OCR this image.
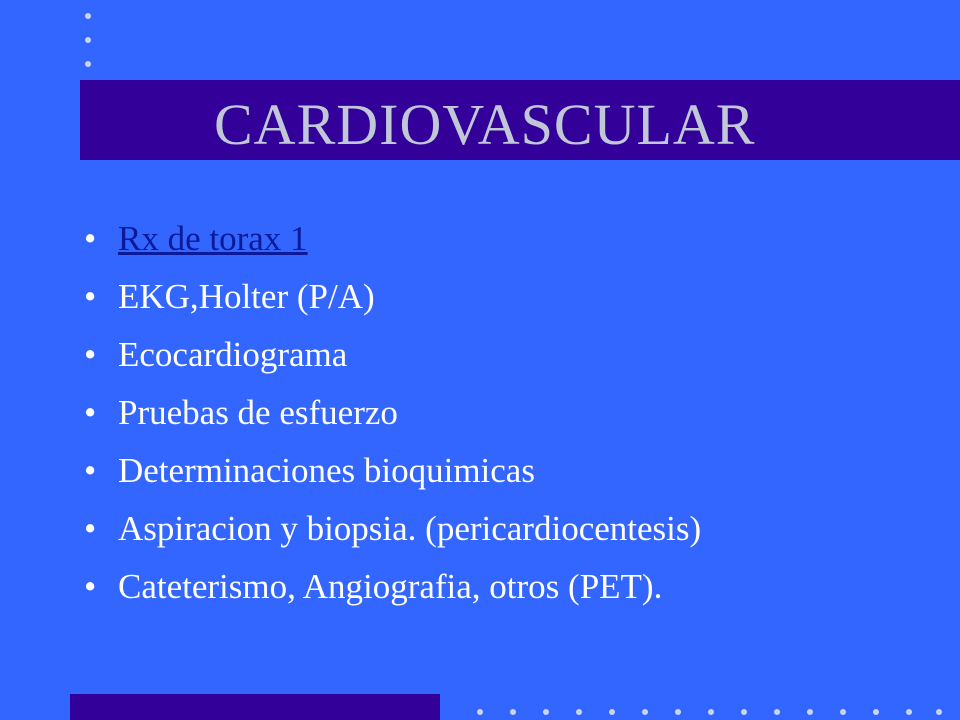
CARDIOVASCULAR
• Rx de torax 1
• EKG,Holter (P/A)
• Ecocardiograma
• Pruebas de esfuerzo
• Determinaciones bioquimicas
• Aspiracion y biopsia. (pericardiocentesis)
• Cateterismo, Angiografia, otros (PET).
